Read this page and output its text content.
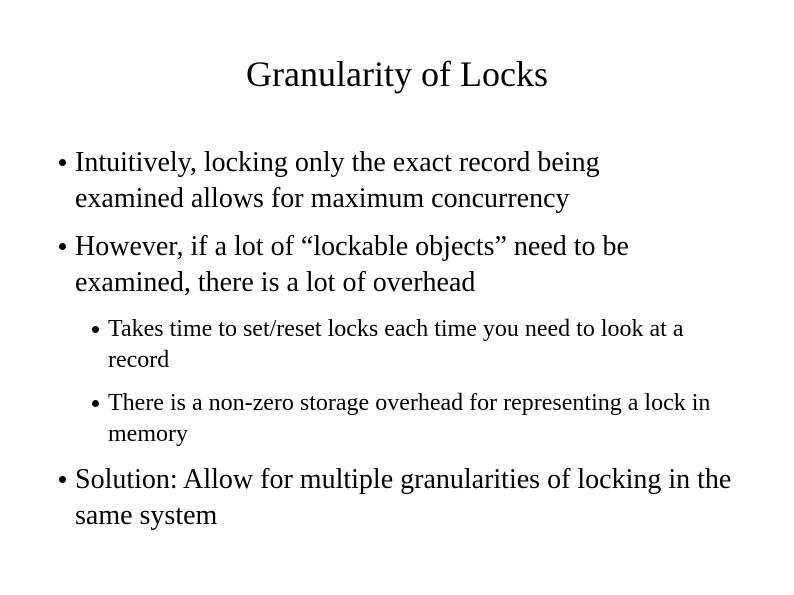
Granularity of Locks
Intuitively, locking only the exact record being examined allows for maximum concurrency
However, if a lot of “lockable objects” need to be examined, there is a lot of overhead
Takes time to set/reset locks each time you need to look at a record
There is a non-zero storage overhead for representing a lock in memory
Solution: Allow for multiple granularities of locking in the same system
